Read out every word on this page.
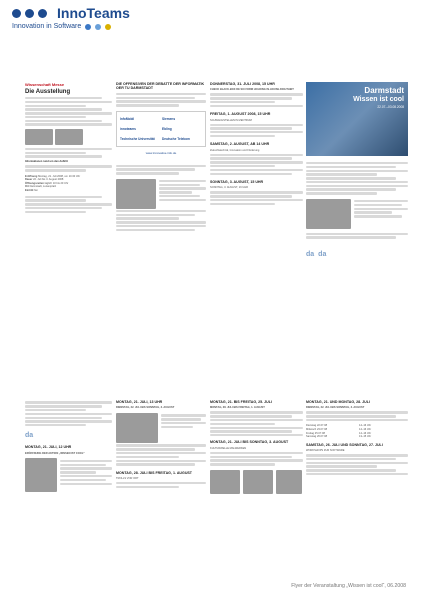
InnoTeams
Innovation in Software
Wissenschaft Messe
Die Ausstellung

Informationen rund um den Auftritt

Eröffnung Montag, 21. Juli 2008, um 10.30 Uhr

Dauer 22. Juli bis 3. August 2008

Öffnungszeiten täglich 10 bis 20 Uhr

Ort Darmstadt, Luisenplatz

Eintritt frei

DIE OFFENSIVEN DER DEBATTE DER INFORMATIK OER TU DARMSTADT
InfoMobil	Siemens
innoteams	Ebling
Technische Universität	Deutsche Telekom
www.innovative.info.de
DONNERSTAG, 31. JULI 2008, 15 UHR

CHECK BLACK-BOX DE SIX FORM HOLDING IN-HOUSE-DICHTHEIT

FREITAG, 1. AUGUST 2008, 15 UHR

SCHWACHSTELLEN IM ZENTRUM

SAMSTAG, 2. AUGUST, AB 14 UHR

Zukunftstechnik, Innovation und Förderung

SONNTAG, 3. AUGUST, 15 UHR

SONNTAG, 3. AUGUST, 16 UHR

Darmstadt
Wissen ist cool
22.07.–03.08.2008
da da
da
MONTAG, 21. JULI, 12 UHR

ERÖFFNUNG DER AKTION „WISSEN IST COOL“

MONTAG, 21. JULI, 13 UHR

DIENSTAG, 22. JULI BIS SONNTAG, 3. AUGUST

MONTAG, 28. JULI BIS FREITAG, 1. AUGUST

TROLLS VOR ORT

MONTAG, 21. BIS FREITAG, 25. JULI

MONTAG, 28. JULI BIS FREITAG, 1. AUGUST

MONTAG, 21. JULI BIS SONNTAG, 3. AUGUST

KULTURWELLE MALWERKEN

MONTAG, 21. UND MONTAG, 28. JULI

DIENSTAG, 22. JULI BIS SONNTAG, 3. AUGUST

Dienstag 22.07.08	14–16 Uhr
Mittwoch 23.07.08	14–16 Uhr
Freitag 25.07.08	14–16 Uhr
Samstag 26.07.08	13–15 Uhr
SAMSTAG, 26. JULI UND SONNTAG, 27. JULI

WORKSHOPS ZUR SOFTWARE

Flyer der Veranstaltung „Wissen ist cool“, 06.2008
